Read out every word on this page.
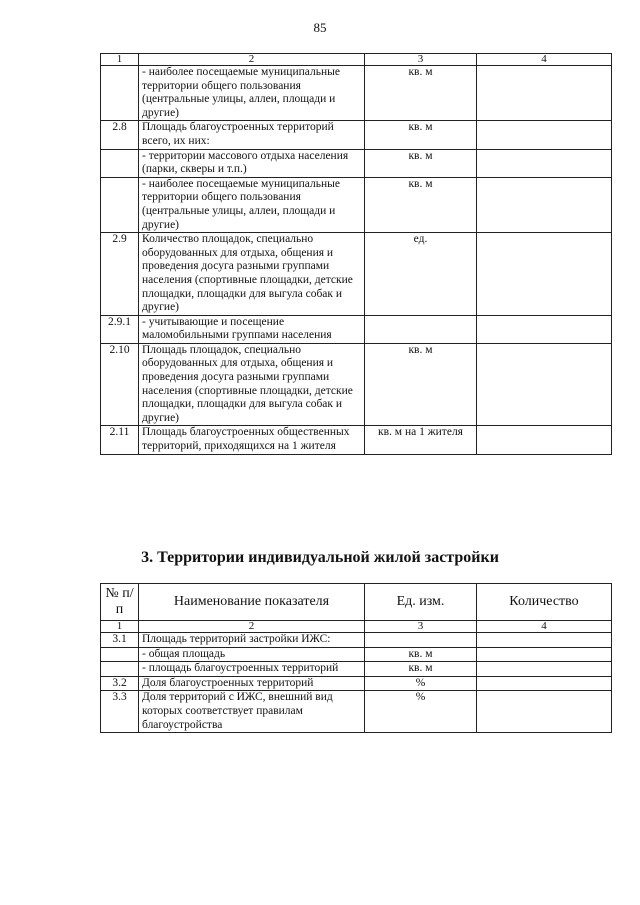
85
1	2	3	4
	- наиболее посещаемые муниципальные территории общего пользования (центральные улицы, аллеи, площади и другие)	кв. м	
2.8	Площадь благоустроенных территорий всего, их них:	кв. м	
	- территории массового отдыха населения (парки, скверы и т.п.)	кв. м	
	- наиболее посещаемые муниципальные территории общего пользования (центральные улицы, аллеи, площади и другие)	кв. м	
2.9	Количество площадок, специально оборудованных для отдыха, общения и проведения досуга разными группами населения (спортивные площадки, детские площадки, площадки для выгула собак и другие)	ед.	
2.9.1	- учитывающие и посещение маломобильными группами населения		
2.10	Площадь площадок, специально оборудованных для отдыха, общения и проведения досуга разными группами населения (спортивные площадки, детские площадки, площадки для выгула собак и другие)	кв. м	
2.11	Площадь благоустроенных общественных территорий, приходящихся на 1 жителя	кв. м на 1 жителя	
3. Территории индивидуальной жилой застройки
№ п/п	Наименование показателя	Ед. изм.	Количество
1	2	3	4
3.1	Площадь территорий застройки ИЖС:		
	- общая площадь	кв. м	
	- площадь благоустроенных территорий	кв. м	
3.2	Доля благоустроенных территорий	%	
3.3	Доля территорий с ИЖС, внешний вид которых соответствует правилам благоустройства	%	
